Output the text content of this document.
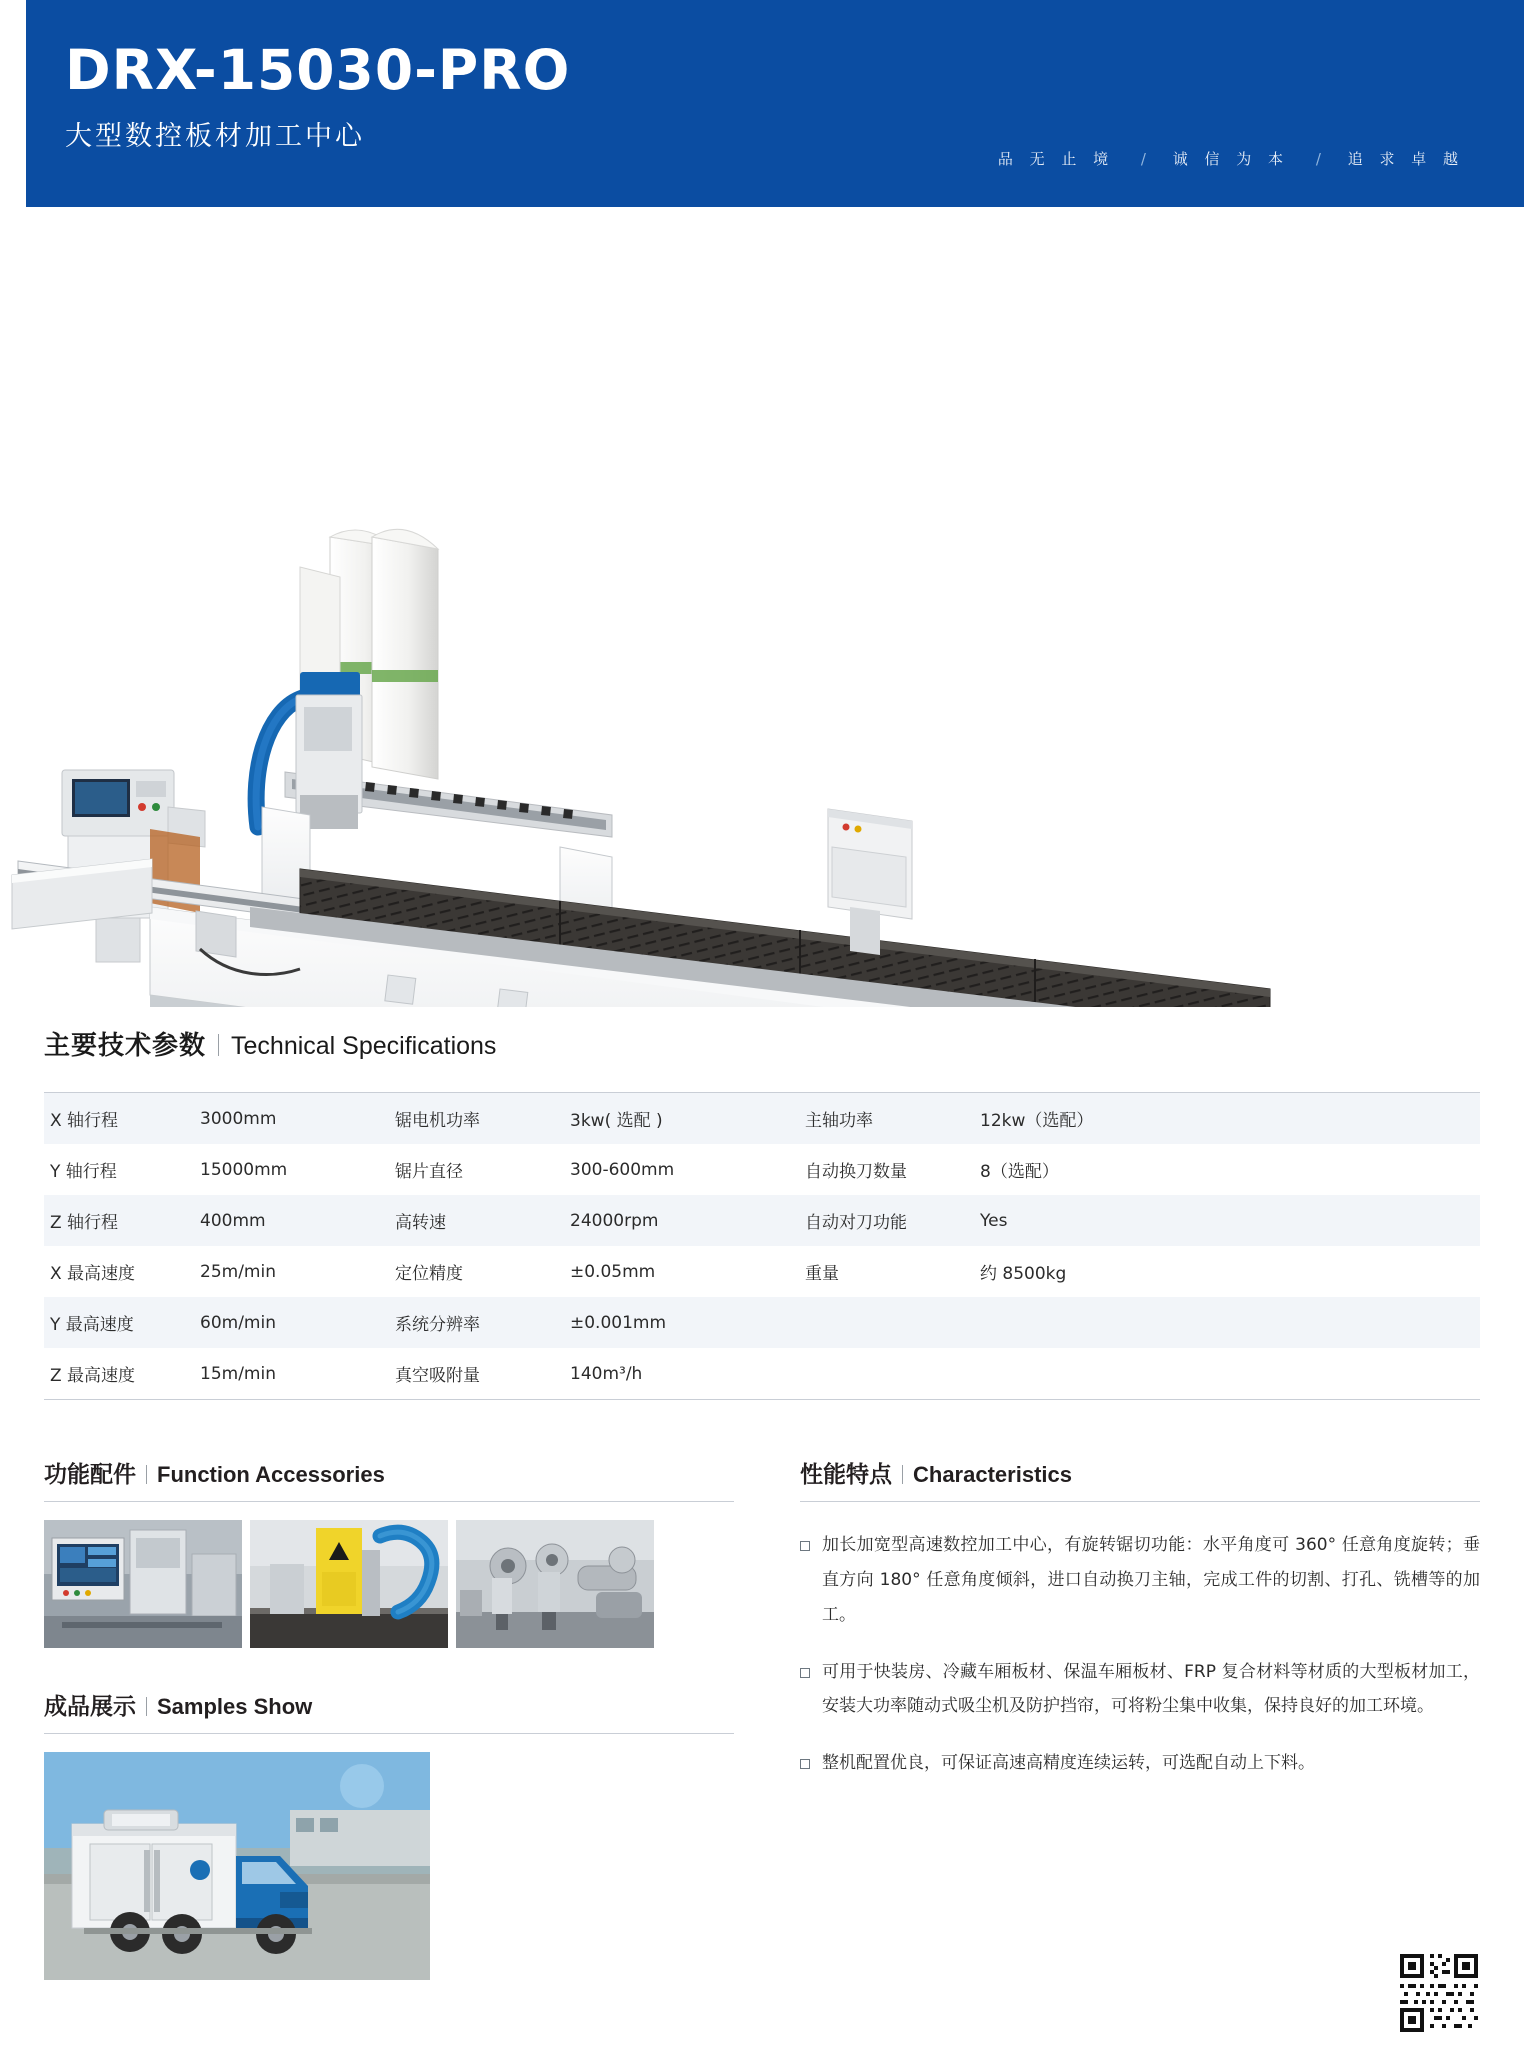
DRX-15030-PRO
大型数控板材加工中心
品 无 止 境 / 诚 信 为 本 / 追 求 卓 越
主要技术参数 Technical Specifications
X 轴行程	3000mm	锯电机功率	3kw( 选配 )	主轴功率	12kw（选配）
Y 轴行程	15000mm	锯片直径	300-600mm	自动换刀数量	8（选配）
Z 轴行程	400mm	高转速	24000rpm	自动对刀功能	Yes
X 最高速度	25m/min	定位精度	±0.05mm	重量	约 8500kg
Y 最高速度	60m/min	系统分辨率	±0.001mm		
Z 最高速度	15m/min	真空吸附量	140m³/h		
功能配件 Function Accessories
成品展示 Samples Show
性能特点 Characteristics
加长加宽型高速数控加工中心，有旋转锯切功能：水平角度可 360° 任意角度旋转；垂直方向 180° 任意角度倾斜，进口自动换刀主轴，完成工件的切割、打孔、铣槽等的加工。
可用于快装房、冷藏车厢板材、保温车厢板材、FRP 复合材料等材质的大型板材加工，安装大功率随动式吸尘机及防护挡帘，可将粉尘集中收集，保持良好的加工环境。
整机配置优良，可保证高速高精度连续运转，可选配自动上下料。
